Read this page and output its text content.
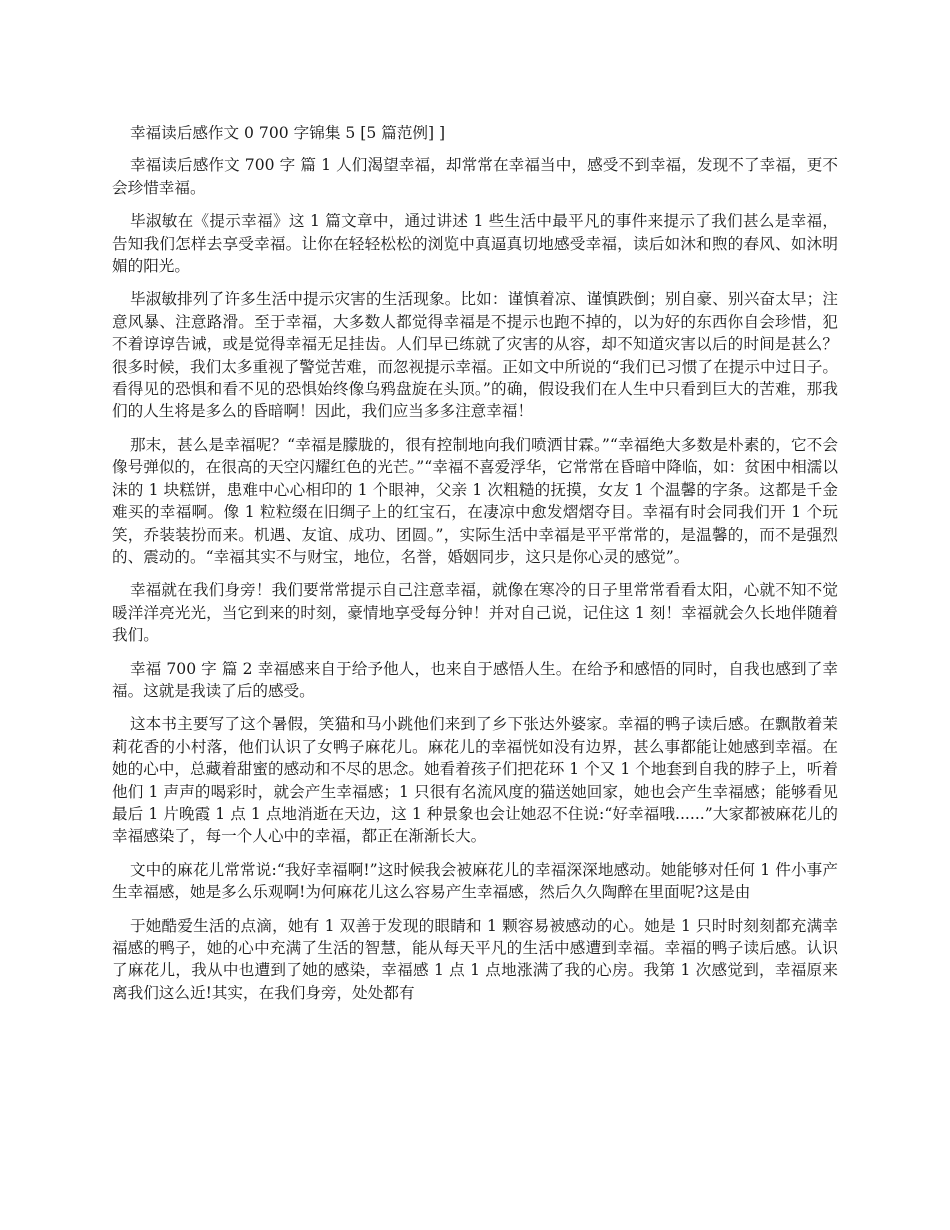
幸福读后感作文 0 700 字锦集 5 [5 篇范例] ]

幸福读后感作文 700 字 篇 1 人们渴望幸福，却常常在幸福当中，感受不到幸福，发现不了幸福，更不会珍惜幸福。

毕淑敏在《提示幸福》这 1 篇文章中，通过讲述 1 些生活中最平凡的事件来提示了我们甚么是幸福，告知我们怎样去享受幸福。让你在轻轻松松的浏览中真逼真切地感受幸福，读后如沐和煦的春风、如沐明媚的阳光。

毕淑敏排列了许多生活中提示灾害的生活现象。比如：谨慎着凉、谨慎跌倒；别自豪、别兴奋太早；注意风暴、注意路滑。至于幸福，大多数人都觉得幸福是不提示也跑不掉的，以为好的东西你自会珍惜，犯不着谆谆告诫，或是觉得幸福无足挂齿。人们早已练就了灾害的从容，却不知道灾害以后的时间是甚么？很多时候，我们太多重视了警觉苦难，而忽视提示幸福。正如文中所说的“我们已习惯了在提示中过日子。看得见的恐惧和看不见的恐惧始终像乌鸦盘旋在头顶。”的确，假设我们在人生中只看到巨大的苦难，那我们的人生将是多么的昏暗啊！因此，我们应当多多注意幸福！

那末，甚么是幸福呢？“幸福是朦胧的，很有控制地向我们喷洒甘霖。”“幸福绝大多数是朴素的，它不会像号弹似的，在很高的天空闪耀红色的光芒。”“幸福不喜爱浮华，它常常在昏暗中降临，如：贫困中相濡以沫的 1 块糕饼，患难中心心相印的 1 个眼神，父亲 1 次粗糙的抚摸，女友 1 个温馨的字条。这都是千金难买的幸福啊。像 1 粒粒缀在旧绸子上的红宝石，在凄凉中愈发熠熠夺目。幸福有时会同我们开 1 个玩笑，乔装装扮而来。机遇、友谊、成功、团圆。”，实际生活中幸福是平平常常的，是温馨的，而不是强烈的、震动的。“幸福其实不与财宝，地位，名誉，婚姻同步，这只是你心灵的感觉”。

幸福就在我们身旁！我们要常常提示自己注意幸福，就像在寒冷的日子里常常看看太阳，心就不知不觉暖洋洋亮光光，当它到来的时刻，豪情地享受每分钟！并对自己说，记住这 1 刻！幸福就会久长地伴随着我们。

幸福 700 字 篇 2 幸福感来自于给予他人，也来自于感悟人生。在给予和感悟的同时，自我也感到了幸福。这就是我读了后的感受。

这本书主要写了这个暑假，笑猫和马小跳他们来到了乡下张达外婆家。幸福的鸭子读后感。在飘散着茉莉花香的小村落，他们认识了女鸭子麻花儿。麻花儿的幸福恍如没有边界，甚么事都能让她感到幸福。在她的心中，总藏着甜蜜的感动和不尽的思念。她看着孩子们把花环 1 个又 1 个地套到自我的脖子上，听着他们 1 声声的喝彩时，就会产生幸福感；1 只很有名流风度的猫送她回家，她也会产生幸福感；能够看见最后 1 片晚霞 1 点 1 点地消逝在天边，这 1 种景象也会让她忍不住说:“好幸福哦......”大家都被麻花儿的幸福感染了，每一个人心中的幸福，都正在渐渐长大。

文中的麻花儿常常说:“我好幸福啊!”这时候我会被麻花儿的幸福深深地感动。她能够对任何 1 件小事产生幸福感，她是多么乐观啊!为何麻花儿这么容易产生幸福感，然后久久陶醉在里面呢?这是由

于她酷爱生活的点滴，她有 1 双善于发现的眼睛和 1 颗容易被感动的心。她是 1 只时时刻刻都充满幸福感的鸭子，她的心中充满了生活的智慧，能从每天平凡的生活中感遭到幸福。幸福的鸭子读后感。认识了麻花儿，我从中也遭到了她的感染，幸福感 1 点 1 点地涨满了我的心房。我第 1 次感觉到，幸福原来离我们这么近!其实，在我们身旁，处处都有
